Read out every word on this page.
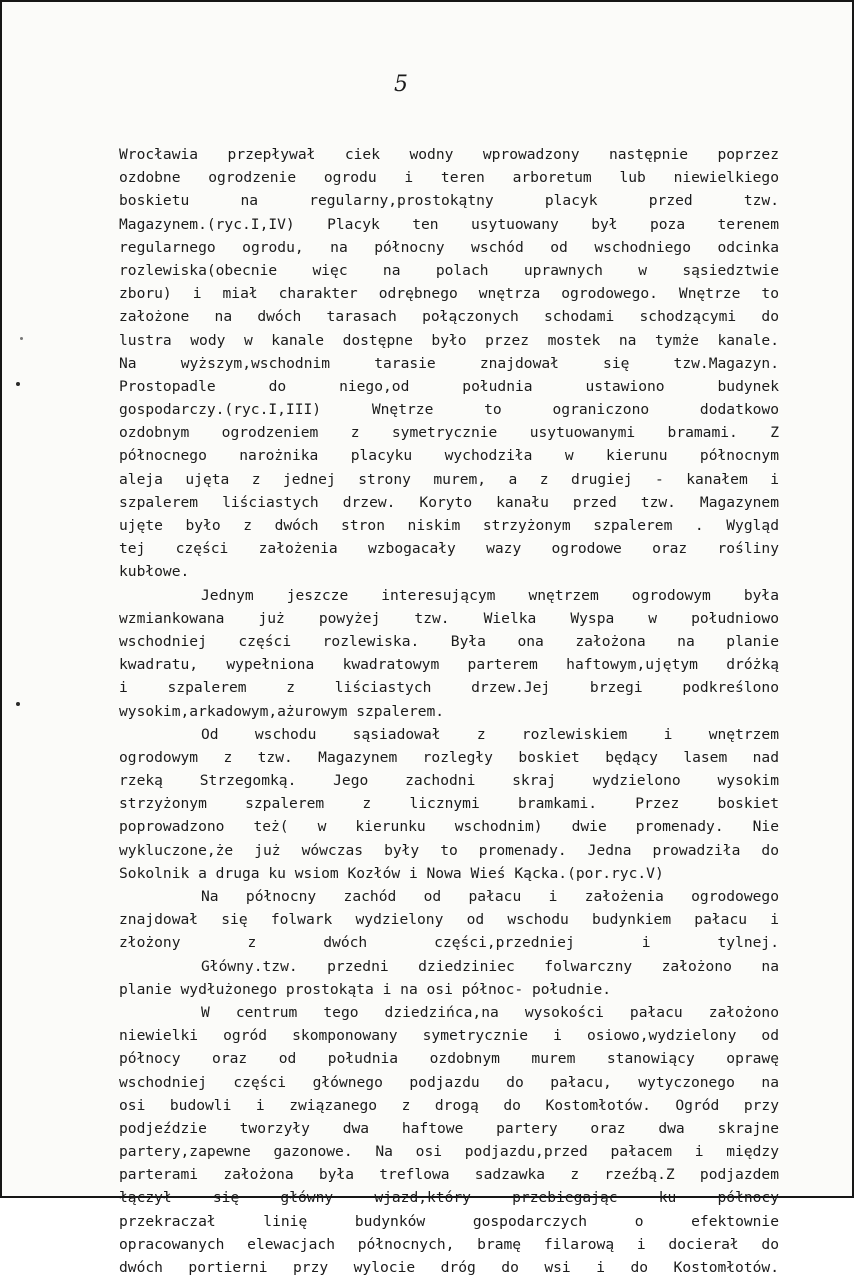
5
Wrocławia przepływał ciek wodny wprowadzony następnie poprzez
ozdobne ogrodzenie ogrodu i teren arboretum lub niewielkiego
boskietu na regularny,prostokątny placyk przed tzw.
Magazynem.(ryc.I,IV) Placyk ten usytuowany był poza terenem
regularnego ogrodu, na północny wschód od wschodniego odcinka
rozlewiska(obecnie więc na polach uprawnych w sąsiedztwie
zboru) i miał charakter odrębnego wnętrza ogrodowego. Wnętrze to
założone na dwóch tarasach połączonych schodami schodzącymi do
lustra wody w kanale dostępne było przez mostek na tymże kanale.
Na wyższym,wschodnim tarasie znajdował się tzw.Magazyn.
Prostopadle do niego,od południa ustawiono budynek
gospodarczy.(ryc.I,III) Wnętrze to ograniczono dodatkowo
ozdobnym ogrodzeniem z symetrycznie usytuowanymi bramami. Z
północnego narożnika placyku wychodziła w kierunu północnym
aleja ujęta z jednej strony murem, a z drugiej - kanałem i
szpalerem liściastych drzew. Koryto kanału przed tzw. Magazynem
ujęte było z dwóch stron niskim strzyżonym szpalerem . Wygląd
tej części założenia wzbogacały wazy ogrodowe oraz rośliny
kubłowe.
Jednym jeszcze interesującym wnętrzem ogrodowym była
wzmiankowana już powyżej tzw. Wielka Wyspa w południowo
wschodniej części rozlewiska. Była ona założona na planie
kwadratu, wypełniona kwadratowym parterem haftowym,ujętym dróżką
i szpalerem z liściastych drzew.Jej brzegi podkreślono
wysokim,arkadowym,ażurowym szpalerem.
Od wschodu sąsiadował z rozlewiskiem i wnętrzem
ogrodowym z tzw. Magazynem rozległy boskiet będący lasem nad
rzeką Strzegomką. Jego zachodni skraj wydzielono wysokim
strzyżonym szpalerem z licznymi bramkami. Przez boskiet
poprowadzono też( w kierunku wschodnim) dwie promenady. Nie
wykluczone,że już wówczas były to promenady. Jedna prowadziła do
Sokolnik a druga ku wsiom Kozłów i Nowa Wieś Kącka.(por.ryc.V)
Na północny zachód od pałacu i założenia ogrodowego
znajdował się folwark wydzielony od wschodu budynkiem pałacu i
złożony z dwóch części,przedniej i tylnej.
Główny.tzw. przedni dziedziniec folwarczny założono na
planie wydłużonego prostokąta i na osi północ- południe.
W centrum tego dziedzińca,na wysokości pałacu założono
niewielki ogród skomponowany symetrycznie i osiowo,wydzielony od
północy oraz od południa ozdobnym murem stanowiący oprawę
wschodniej części głównego podjazdu do pałacu, wytyczonego na
osi budowli i związanego z drogą do Kostomłotów. Ogród przy
podjeździe tworzyły dwa haftowe partery oraz dwa skrajne
partery,zapewne gazonowe. Na osi podjazdu,przed pałacem i między
parterami założona była treflowa sadzawka z rzeźbą.Z podjazdem
łączył się główny wjazd,który przebiegając ku północy
przekraczał linię budynków gospodarczych o efektownie
opracowanych elewacjach północnych, bramę filarową i docierał do
dwóch portierni przy wylocie dróg do wsi i do Kostomłotów.
